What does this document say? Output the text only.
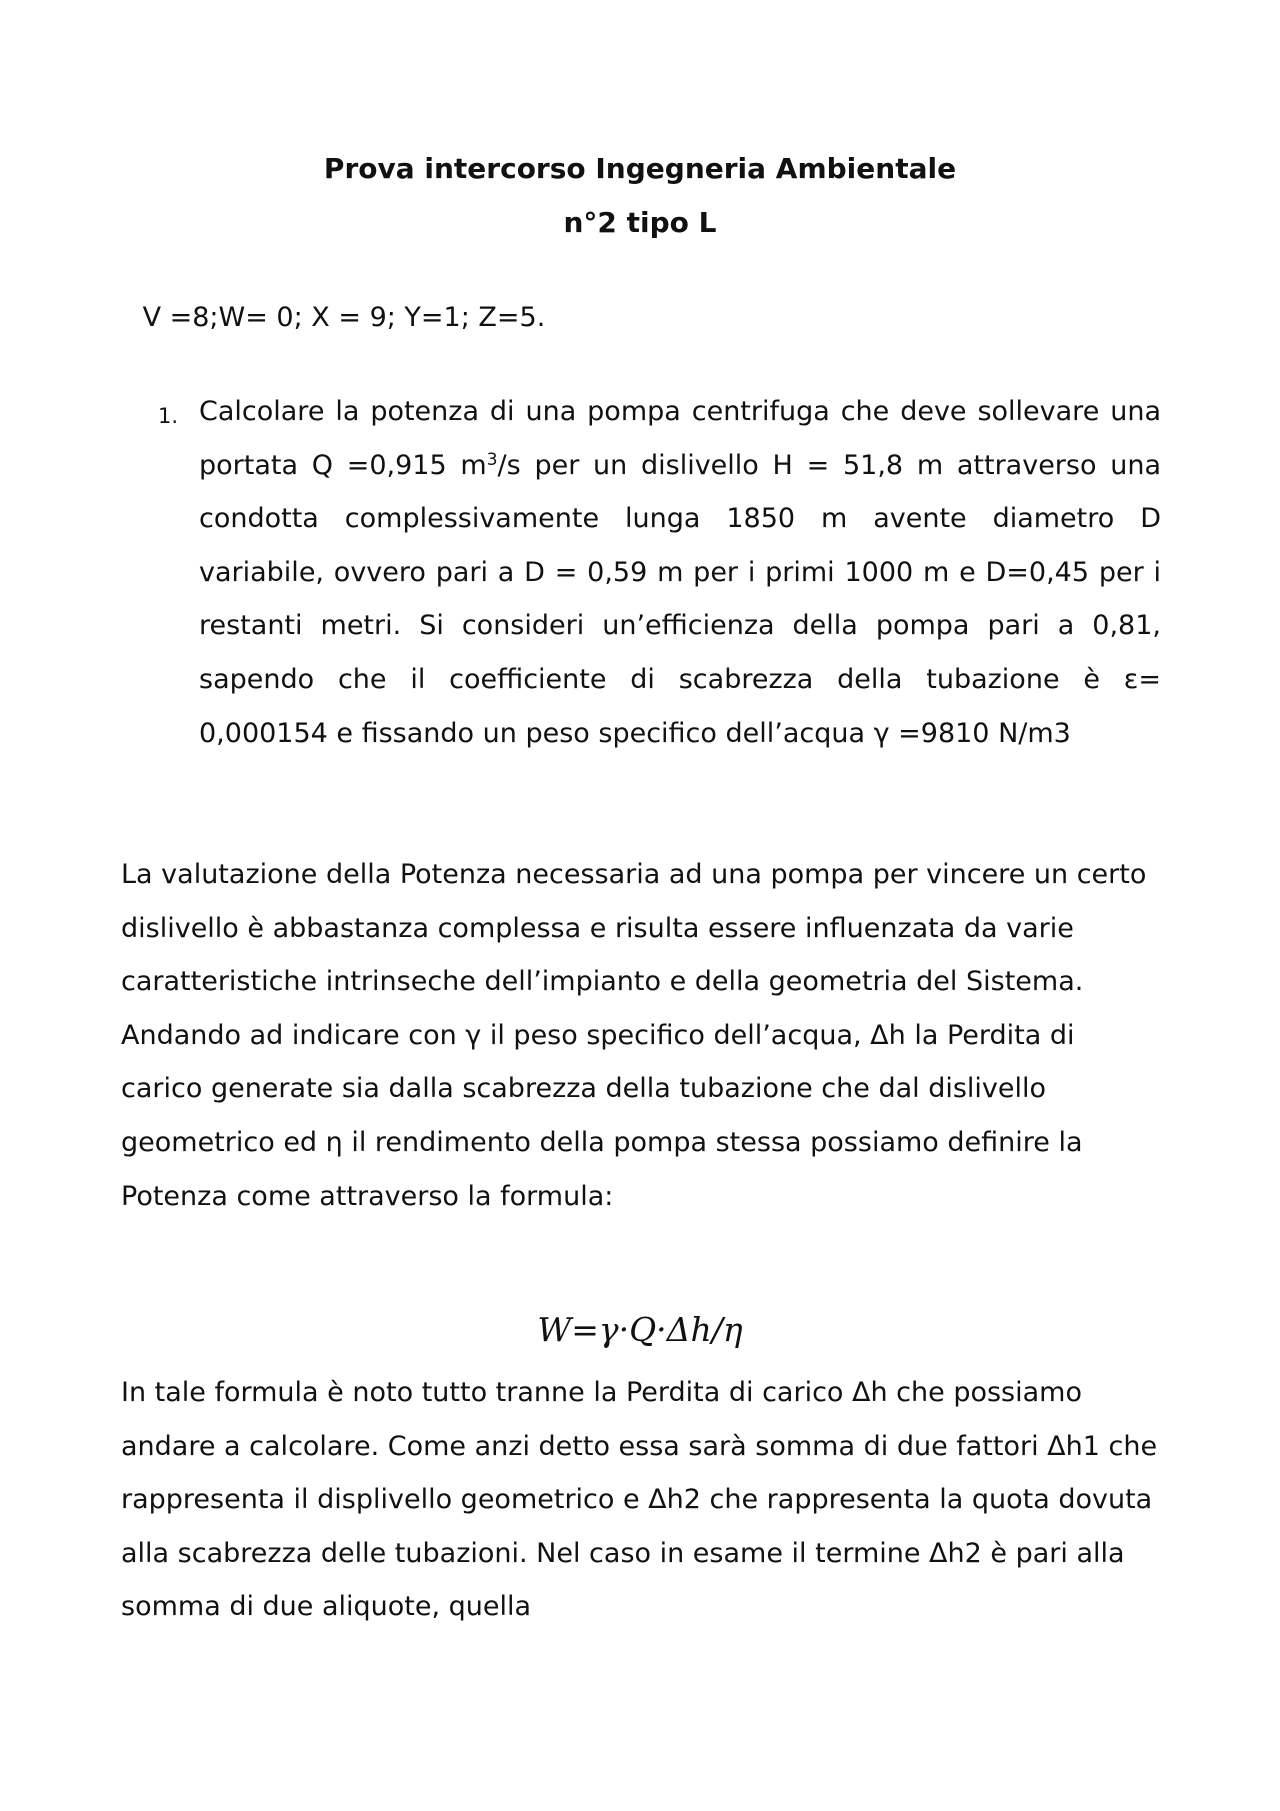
Prova intercorso Ingegneria Ambientale
n°2 tipo L
V =8;W= 0; X = 9; Y=1; Z=5.
1. Calcolare la potenza di una pompa centrifuga che deve sollevare una portata Q =0,915 $m^3/s$ per un dislivello H = 51,8 m attraverso una condotta complessivamente lunga 1850 m avente diametro D variabile, ovvero pari a D = 0,59 m per i primi 1000 m e D=0,45 per i restanti metri. Si consideri un’efficienza della pompa pari a 0,81, sapendo che il coefficiente di scabrezza della tubazione è ε= 0,000154 e fissando un peso specifico dell’acqua γ =9810 N/m3
La valutazione della Potenza necessaria ad una pompa per vincere un certo dislivello è abbastanza complessa e risulta essere influenzata da varie caratteristiche intrinseche dell’impianto e della geometria del Sistema. Andando ad indicare con γ il peso specifico dell’acqua, Δh la Perdita di carico generate sia dalla scabrezza della tubazione che dal dislivello geometrico ed η il rendimento della pompa stessa possiamo definire la Potenza come attraverso la formula:
W=γ·Q·Δh/η
In tale formula è noto tutto tranne la Perdita di carico Δh che possiamo andare a calcolare. Come anzi detto essa sarà somma di due fattori Δh1 che rappresenta il displivello geometrico e Δh2 che rappresenta la quota dovuta alla scabrezza delle tubazioni. Nel caso in esame il termine Δh2 è pari alla somma di due aliquote, quella
